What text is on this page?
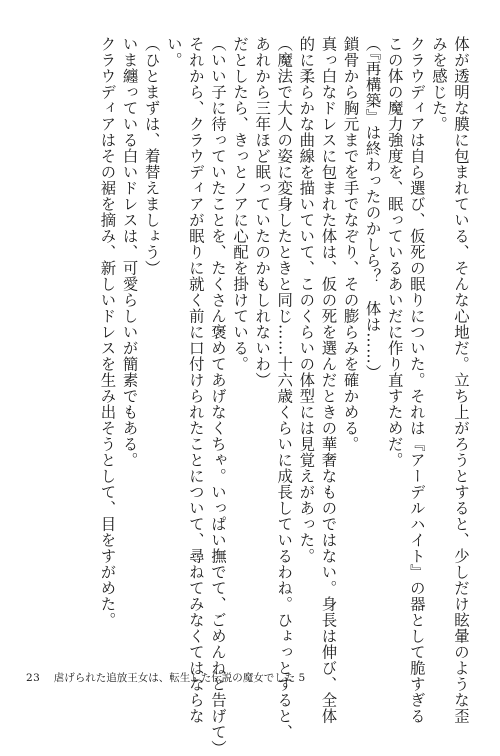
体が透明な膜に包まれている、そんな心地だ。立ち上がろうとすると、少しだけ眩暈のような歪
みを感じた。
クラウディアは自ら選び、仮死の眠りについた。それは『アーデルハイト』の器として脆すぎる
この体の魔力強度を、眠っているあいだに作り直すためだ。
（『再構築』は終わったのかしら？　体は……）
鎖骨から胸元までを手でなぞり、その膨らみを確かめる。
真っ白なドレスに包まれた体は、仮の死を選んだときの華奢なものではない。身長は伸び、全体
的に柔らかな曲線を描いていて、このくらいの体型には見覚えがあった。
（魔法で大人の姿に変身したときと同じ……十六歳くらいに成長しているわね。ひょっとすると、
あれから三年ほど眠っていたのかもしれないわ）
だとしたら、きっとノアに心配を掛けている。
（いい子に待っていたことを、たくさん褒めてあげなくちゃ。いっぱい撫でて、ごめんねと告げて）
それから、クラウディアが眠りに就く前に口付けられたことについて、尋ねてみなくてはならな
い。
（ひとまずは、着替えましょう）
いま纏っている白いドレスは、可愛らしいが簡素でもある。
クラウディアはその裾を摘み、新しいドレスを生み出そうとして、目をすがめた。
23 虐げられた追放王女は、転生した伝説の魔女でした 5
